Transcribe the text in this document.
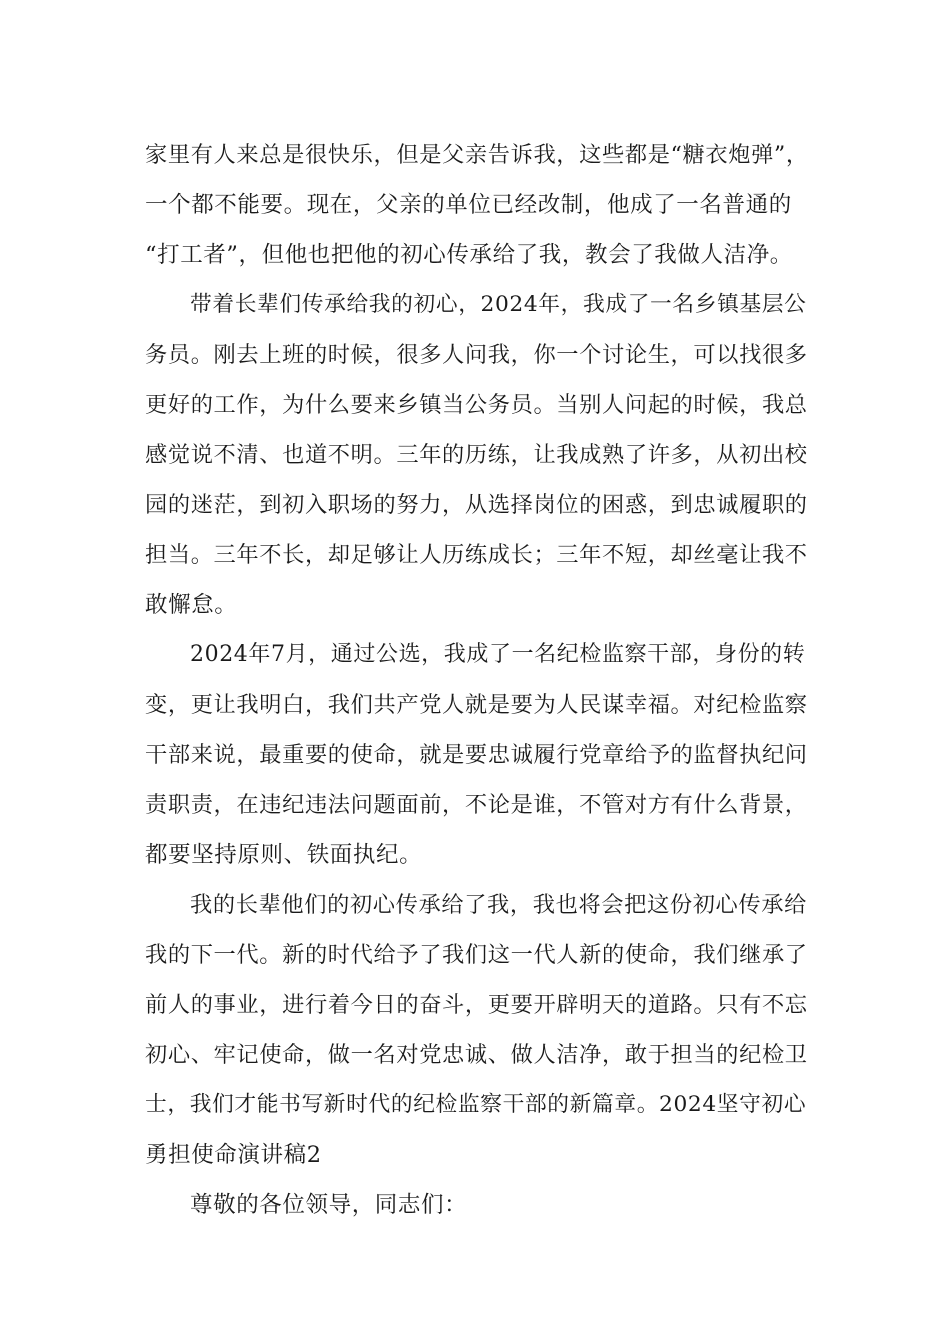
家里有人来总是很快乐，但是父亲告诉我，这些都是“糖衣炮弹”，
一个都不能要。现在，父亲的单位已经改制，他成了一名普通的
“打工者”，但他也把他的初心传承给了我，教会了我做人洁净。
带着长辈们传承给我的初心，2024年，我成了一名乡镇基层公
务员。刚去上班的时候，很多人问我，你一个讨论生，可以找很多
更好的工作，为什么要来乡镇当公务员。当别人问起的时候，我总
感觉说不清、也道不明。三年的历练，让我成熟了许多，从初出校
园的迷茫，到初入职场的努力，从选择岗位的困惑，到忠诚履职的
担当。三年不长，却足够让人历练成长；三年不短，却丝毫让我不
敢懈怠。
2024年7月，通过公选，我成了一名纪检监察干部，身份的转
变，更让我明白，我们共产党人就是要为人民谋幸福。对纪检监察
干部来说，最重要的使命，就是要忠诚履行党章给予的监督执纪问
责职责，在违纪违法问题面前，不论是谁，不管对方有什么背景，
都要坚持原则、铁面执纪。
我的长辈他们的初心传承给了我，我也将会把这份初心传承给
我的下一代。新的时代给予了我们这一代人新的使命，我们继承了
前人的事业，进行着今日的奋斗，更要开辟明天的道路。只有不忘
初心、牢记使命，做一名对党忠诚、做人洁净，敢于担当的纪检卫
士，我们才能书写新时代的纪检监察干部的新篇章。2024坚守初心
勇担使命演讲稿2
尊敬的各位领导，同志们：
